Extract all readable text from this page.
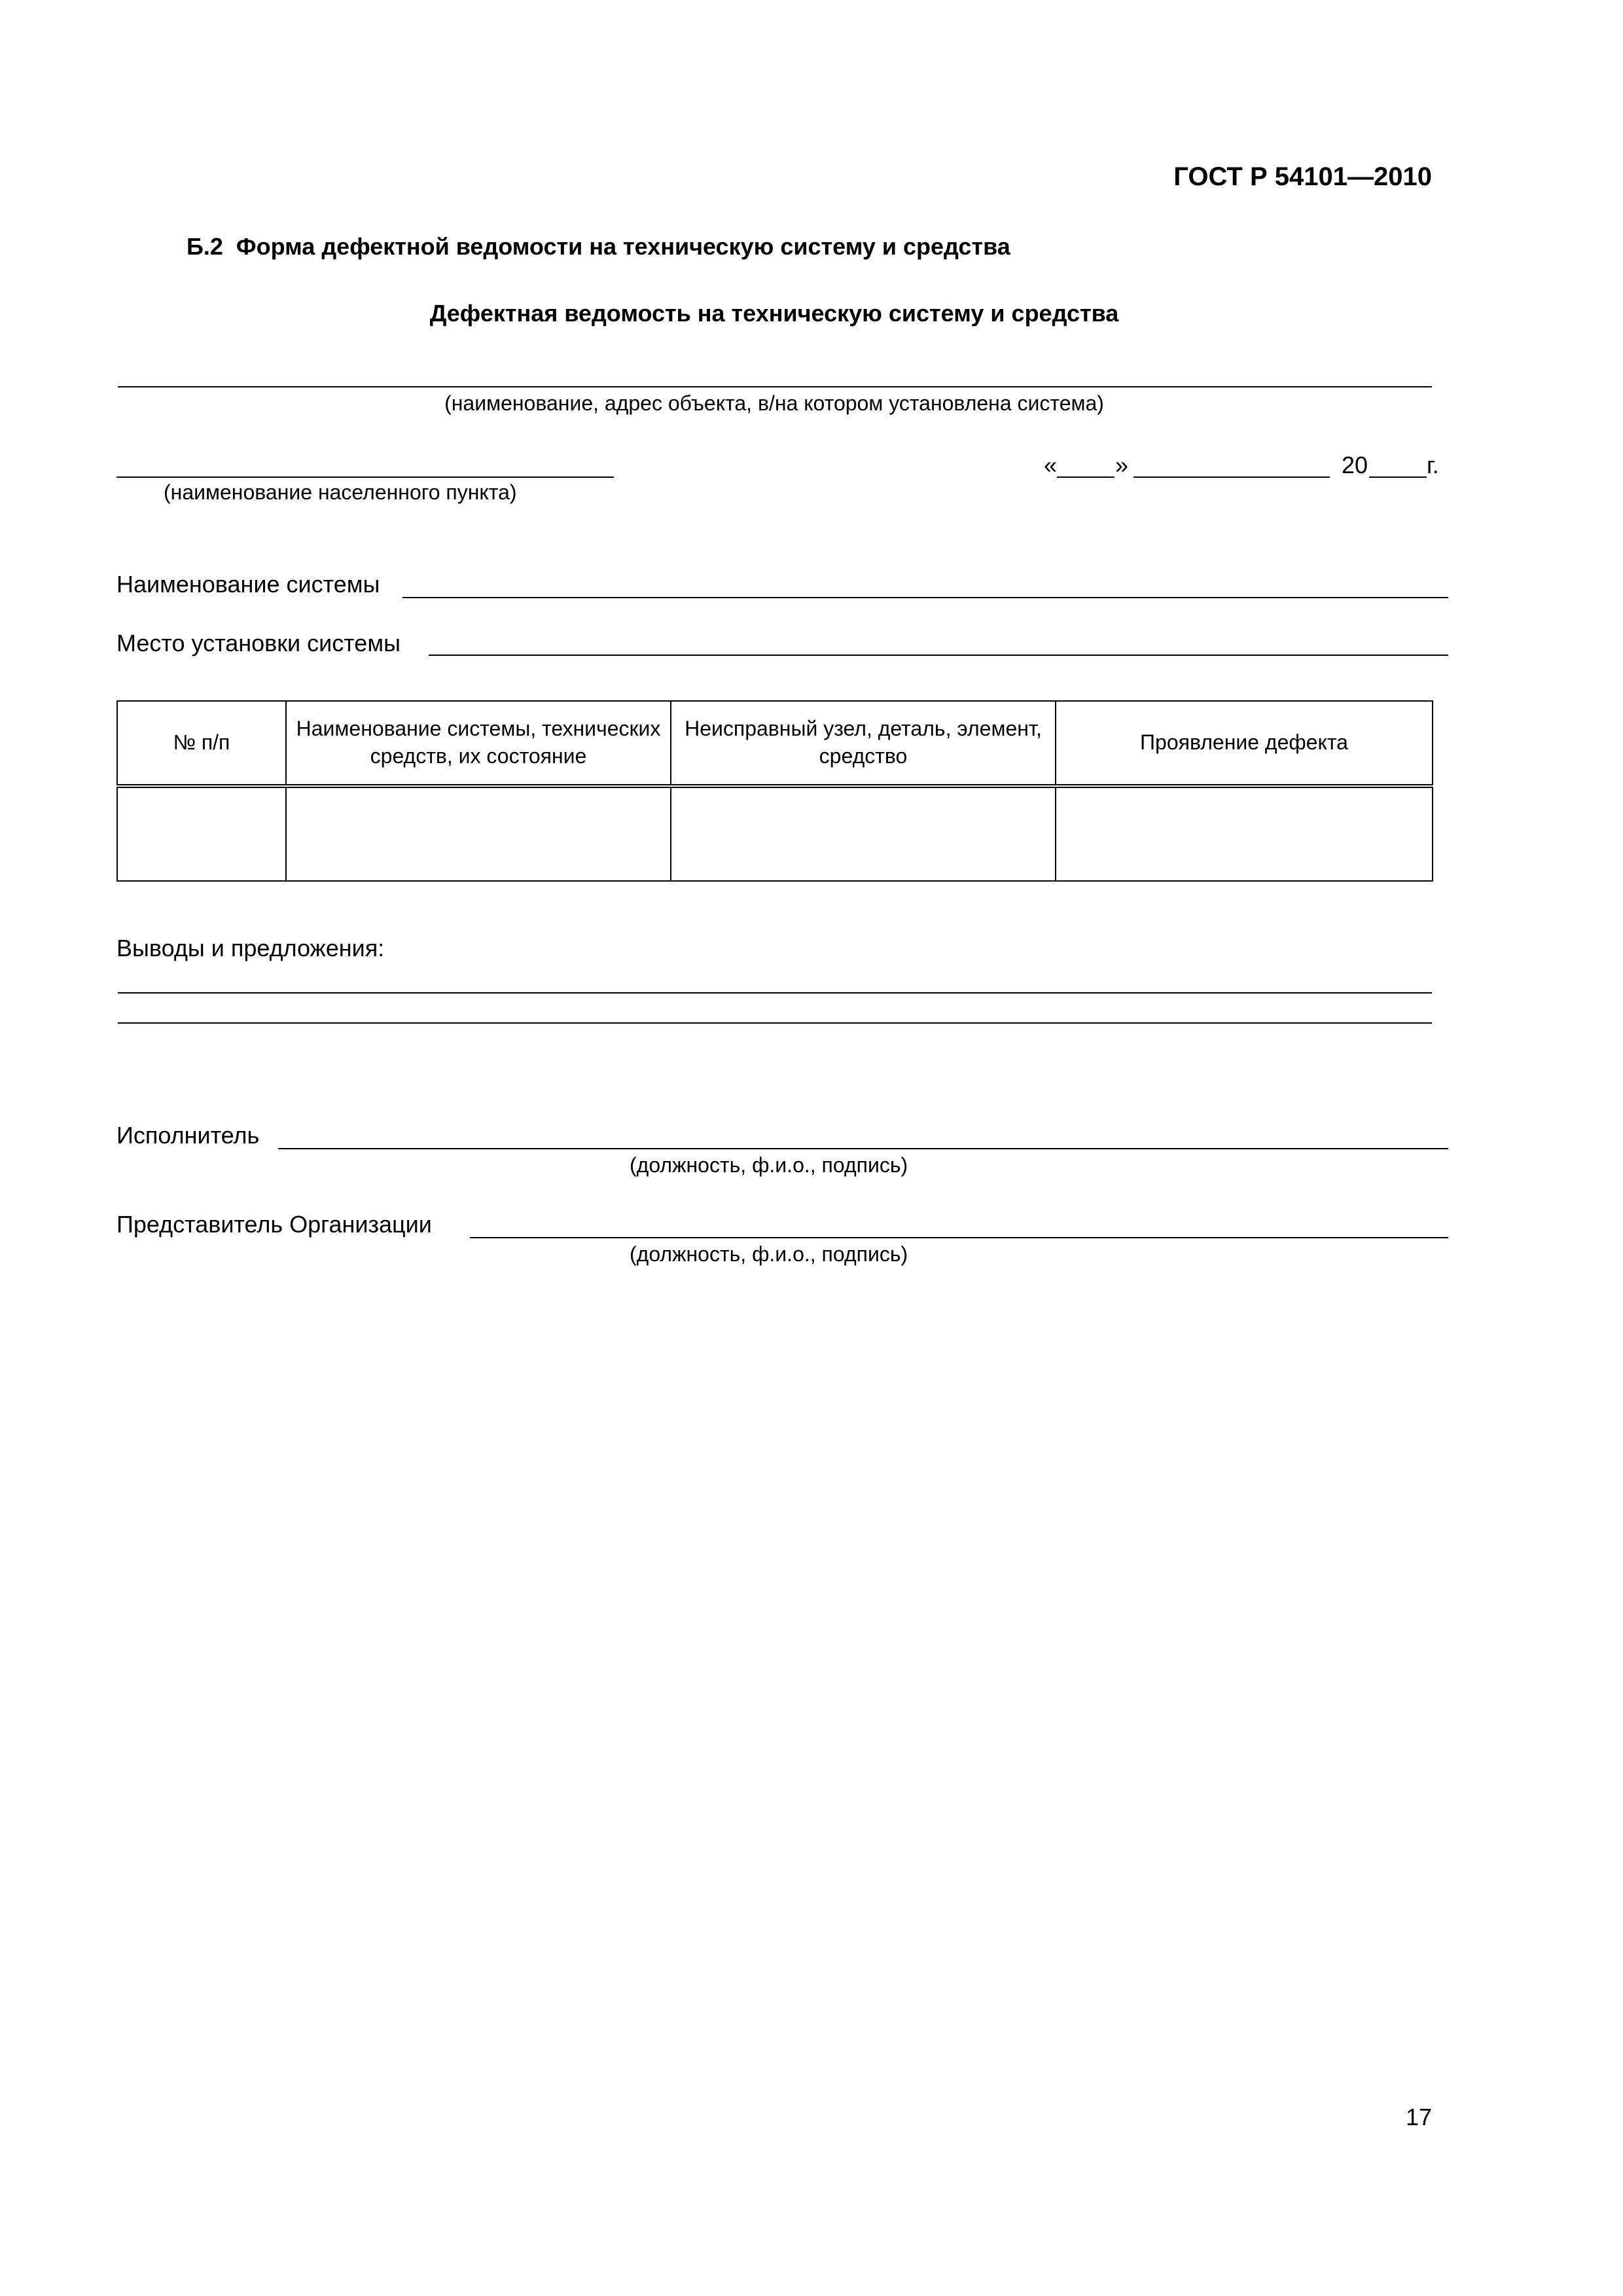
ГОСТ Р 54101—2010
Б.2  Форма дефектной ведомости на техническую систему и средства
Дефектная ведомость на техническую систему и средства
(наименование, адрес объекта, в/на котором установлена система)
(наименование населенного пункта)
« »	20 г.
Наименование системы
Место установки системы
№ п/п	Наименование системы, технических средств, их состояние	Неисправный узел, деталь, элемент, средство	Проявление дефекта

Выводы и предложения:
Исполнитель
(должность, ф.и.о., подпись)
Представитель Организации
(должность, ф.и.о., подпись)
17
